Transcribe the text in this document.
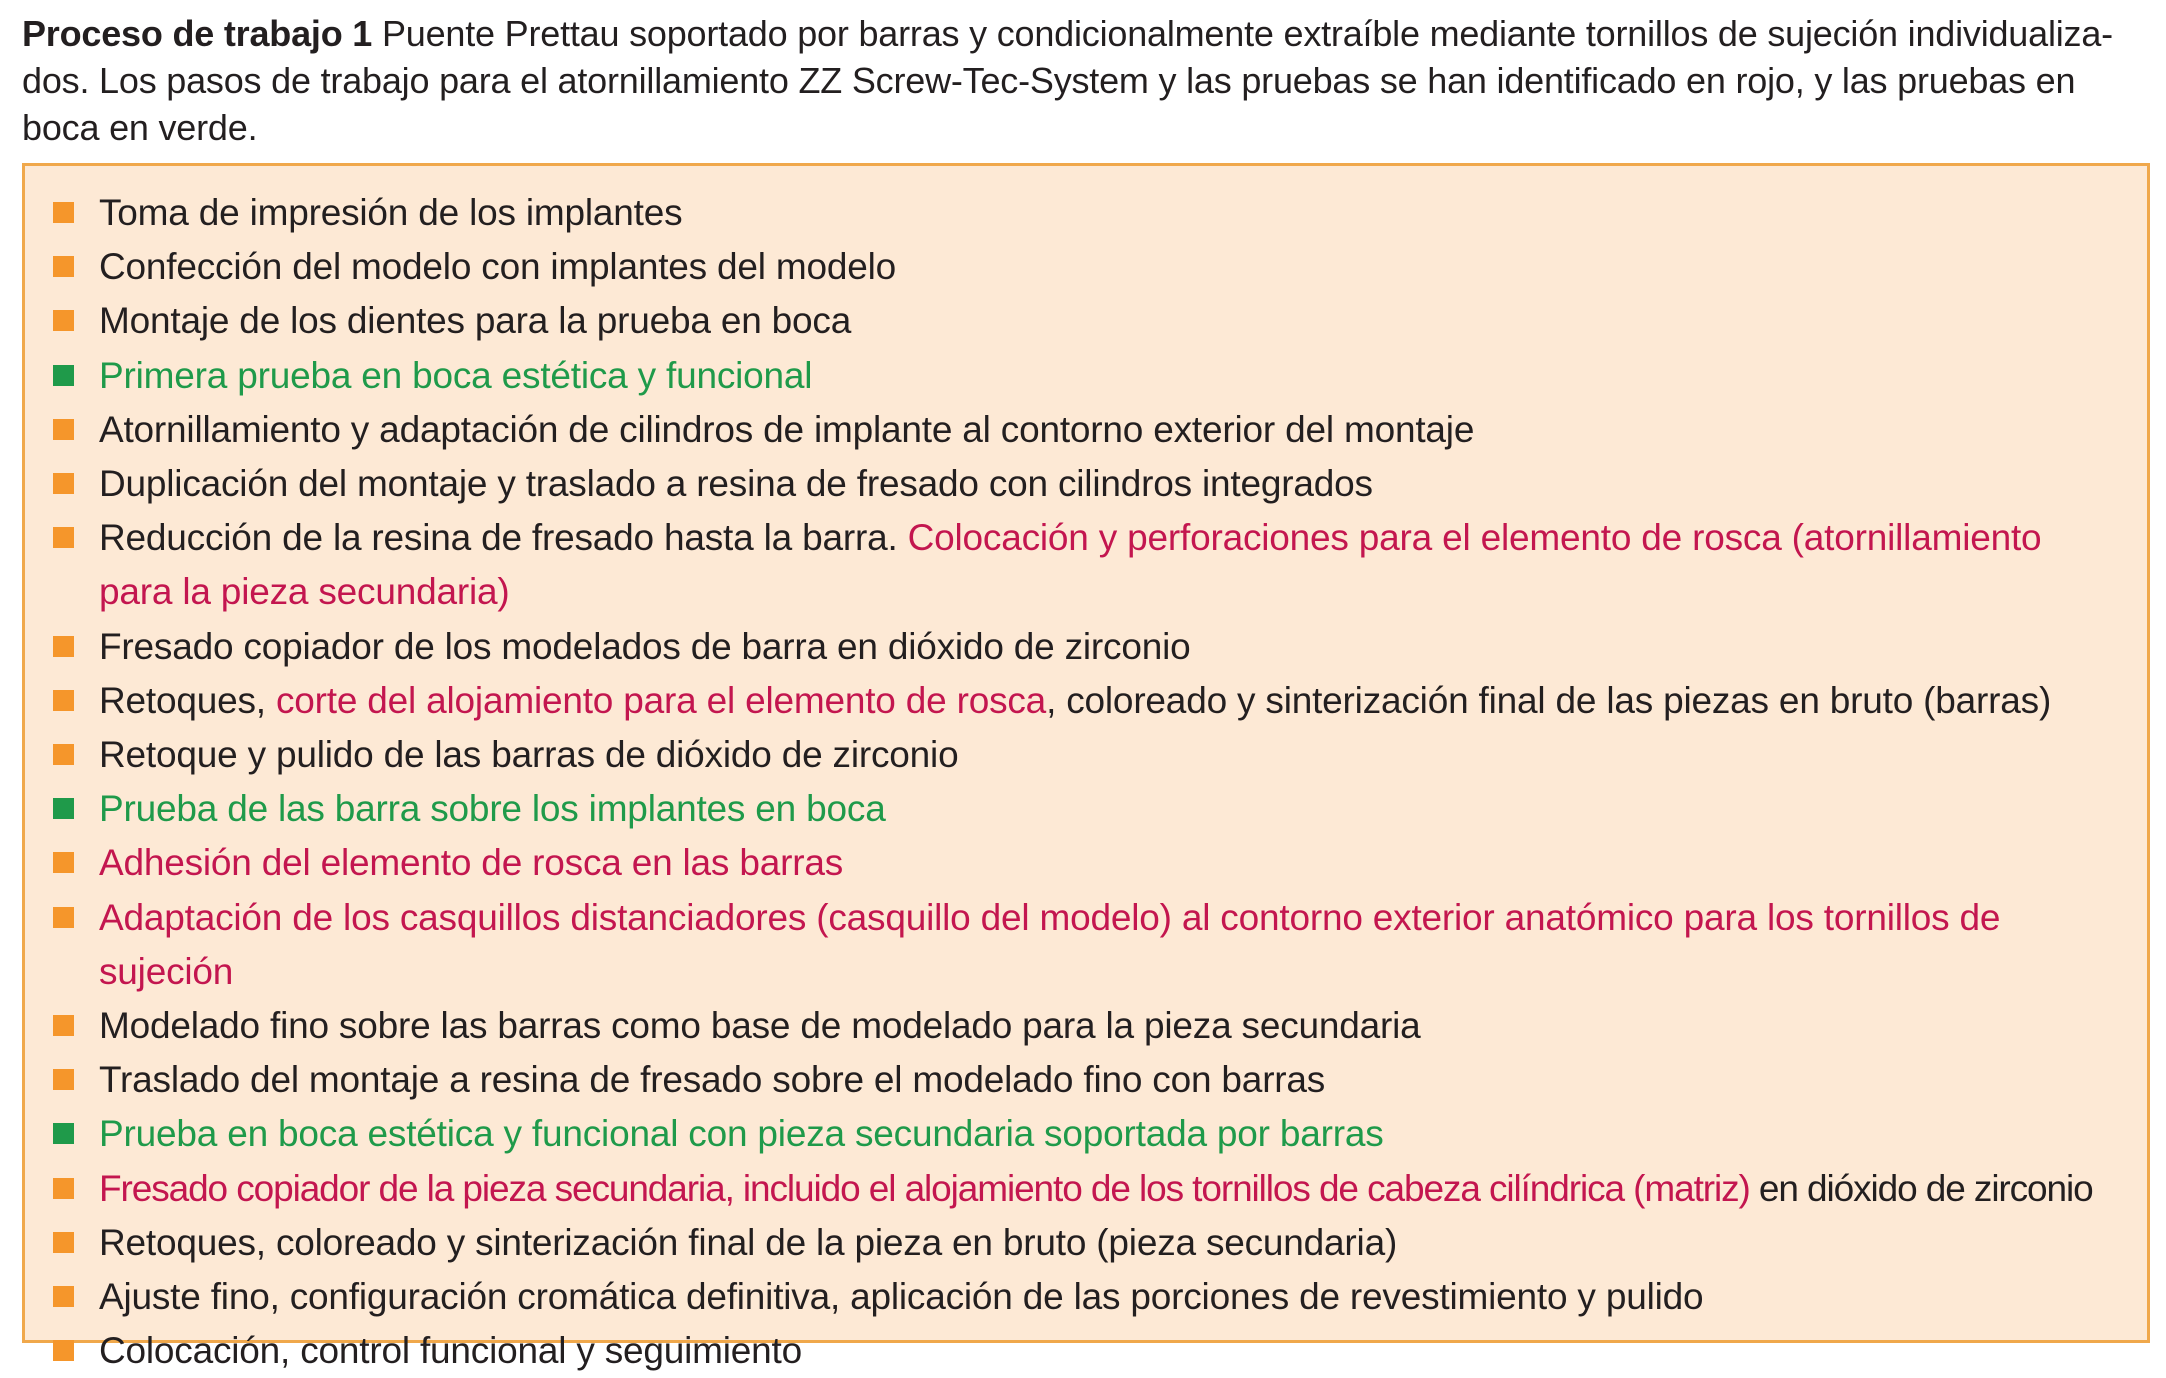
Proceso de trabajo 1 Puente Prettau soportado por barras y condicionalmente extraíble mediante tornillos de sujeción individualiza-dos. Los pasos de trabajo para el atornillamiento ZZ Screw-Tec-System y las pruebas se han identificado en rojo, y las pruebas en boca en verde.

Toma de impresión de los implantes
Confección del modelo con implantes del modelo
Montaje de los dientes para la prueba en boca
Primera prueba en boca estética y funcional
Atornillamiento y adaptación de cilindros de implante al contorno exterior del montaje
Duplicación del montaje y traslado a resina de fresado con cilindros integrados
Reducción de la resina de fresado hasta la barra. Colocación y perforaciones para el elemento de rosca (atornillamiento para la pieza secundaria)
Fresado copiador de los modelados de barra en dióxido de zirconio
Retoques, corte del alojamiento para el elemento de rosca, coloreado y sinterización final de las piezas en bruto (barras)
Retoque y pulido de las barras de dióxido de zirconio
Prueba de las barra sobre los implantes en boca
Adhesión del elemento de rosca en las barras
Adaptación de los casquillos distanciadores (casquillo del modelo) al contorno exterior anatómico para los tornillos de sujeción
Modelado fino sobre las barras como base de modelado para la pieza secundaria
Traslado del montaje a resina de fresado sobre el modelado fino con barras
Prueba en boca estética y funcional con pieza secundaria soportada por barras
Fresado copiador de la pieza secundaria, incluido el alojamiento de los tornillos de cabeza cilíndrica (matriz) en dióxido de zirconio
Retoques, coloreado y sinterización final de la pieza en bruto (pieza secundaria)
Ajuste fino, configuración cromática definitiva, aplicación de las porciones de revestimiento y pulido
Colocación, control funcional y seguimiento
